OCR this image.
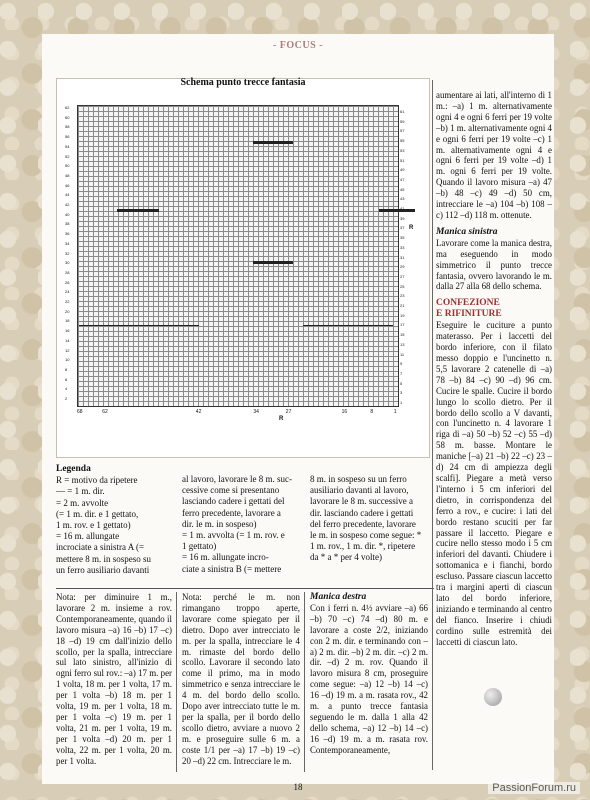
- FOCUS -
Schema punto trecce fantasia
62
60
58
56
54
52
50
48
46
44
42
40
38
36
34
32
30
28
26
24
22
20
18
16
14
12
10
8
6
4
2
61
59
57
55
53
51
49
47
45
43
39
37
35
33
31
29
27
25
23
21
19
17
15
13
11
9
7
5
3
1
68	62	42	34	27	16	8	1
R
R
Legenda
R = motivo da ripetere
— = 1 m. dir.
= 2 m. avvolte
(= 1 m. dir. e 1 gettato,
1 m. rov. e 1 gettato)
= 16 m. allungate
incrociate a sinistra A (=
mettere 8 m. in sospeso su
un ferro ausiliario davanti
al lavoro, lavorare le 8 m. suc-
cessive come si presentano
lasciando cadere i gettati del
ferro precedente, lavorare a
dir. le m. in sospeso)
= 1 m. avvolta (= 1 m. rov. e
1 gettato)
= 16 m. allungate incro-
ciate a sinistra B (= mettere
8 m. in sospeso su un ferro
ausiliario davanti al lavoro,
lavorare le 8 m. successive a
dir. lasciando cadere i gettati
del ferro precedente, lavorare
le m. in sospeso come segue: *
1 m. rov., 1 m. dir. *, ripetere
da * a * per 4 volte)
Nota: per diminuire 1 m., lavorare 2 m. insieme a rov. Contemporaneamente, quando il lavoro misura –a) 16 –b) 17 –c) 18 –d) 19 cm dall'inizio dello scollo, per la spalla, intrecciare sul lato sinistro, all'inizio di ogni ferro sul rov.: –a) 17 m. per 1 volta, 18 m. per 1 volta, 17 m. per 1 volta –b) 18 m. per 1 volta, 19 m. per 1 volta, 18 m. per 1 volta –c) 19 m. per 1 volta, 21 m. per 1 volta, 19 m. per 1 volta –d) 20 m. per 1 volta, 22 m. per 1 volta, 20 m. per 1 volta.
Nota: perché le m. non rimangano troppo aperte, lavorare come spiegato per il dietro. Dopo aver intrecciato le m. per la spalla, intrecciare le 4 m. rimaste del bordo dello scollo. Lavorare il secondo lato come il primo, ma in modo simmetrico e senza intrecciare le 4 m. del bordo dello scollo. Dopo aver intrecciato tutte le m. per la spalla, per il bordo dello scollo dietro, avviare a nuovo 2 m. e proseguire sulle 6 m. a coste 1/1 per –a) 17 –b) 19 –c) 20 –d) 22 cm. Intrecciare le m.
Manica destra
Con i ferri n. 4½ avviare –a) 66 –b) 70 –c) 74 –d) 80 m. e lavorare a coste 2/2, iniziando con 2 m. dir. e terminando con –a) 2 m. dir. –b) 2 m. dir. –c) 2 m. dir. –d) 2 m. rov. Quando il lavoro misura 8 cm, proseguire come segue: –a) 12 –b) 14 –c) 16 –d) 19 m. a m. rasata rov., 42 m. a punto trecce fantasia seguendo le m. dalla 1 alla 42 dello schema, –a) 12 –b) 14 –c) 16 –d) 19 m. a m. rasata rov. Contemporaneamente,
aumentare ai lati, all'interno di 1 m.: –a) 1 m. alternativamente ogni 4 e ogni 6 ferri per 19 volte –b) 1 m. alternativamente ogni 4 e ogni 6 ferri per 19 volte –c) 1 m. alternativamente ogni 4 e ogni 6 ferri per 19 volte –d) 1 m. ogni 6 ferri per 19 volte. Quando il lavoro misura –a) 47 –b) 48 –c) 49 –d) 50 cm, intrecciare le –a) 104 –b) 108 –c) 112 –d) 118 m. ottenute.
Manica sinistra
Lavorare come la manica destra, ma eseguendo in modo simmetrico il punto trecce fantasia, ovvero lavorando le m. dalla 27 alla 68 dello schema.
CONFEZIONE
E RIFINITURE
Eseguire le cuciture a punto materasso. Per i laccetti del bordo inferiore, con il filato messo doppio e l'uncinetto n. 5,5 lavorare 2 catenelle di –a) 78 –b) 84 –c) 90 –d) 96 cm. Cucire le spalle. Cucire il bordo lungo lo scollo dietro. Per il bordo dello scollo a V davanti, con l'uncinetto n. 4 lavorare 1 riga di –a) 50 –b) 52 –c) 55 –d) 58 m. basse. Montare le maniche [–a) 21 –b) 22 –c) 23 –d) 24 cm di ampiezza degli scalfi]. Piegare a metà verso l'interno i 5 cm inferiori del dietro, in corrispondenza del ferro a rov., e cucire: i lati del bordo restano scuciti per far passare il laccetto. Piegare e cucire nello stesso modo i 5 cm inferiori del davanti. Chiudere i sottomanica e i fianchi, bordo escluso. Passare ciascun laccetto tra i margini aperti di ciascun lato del bordo inferiore, iniziando e terminando al centro del fianco. Inserire i chiudi cordino sulle estremità dei laccetti di ciascun lato.
18	PassionForum.ru
